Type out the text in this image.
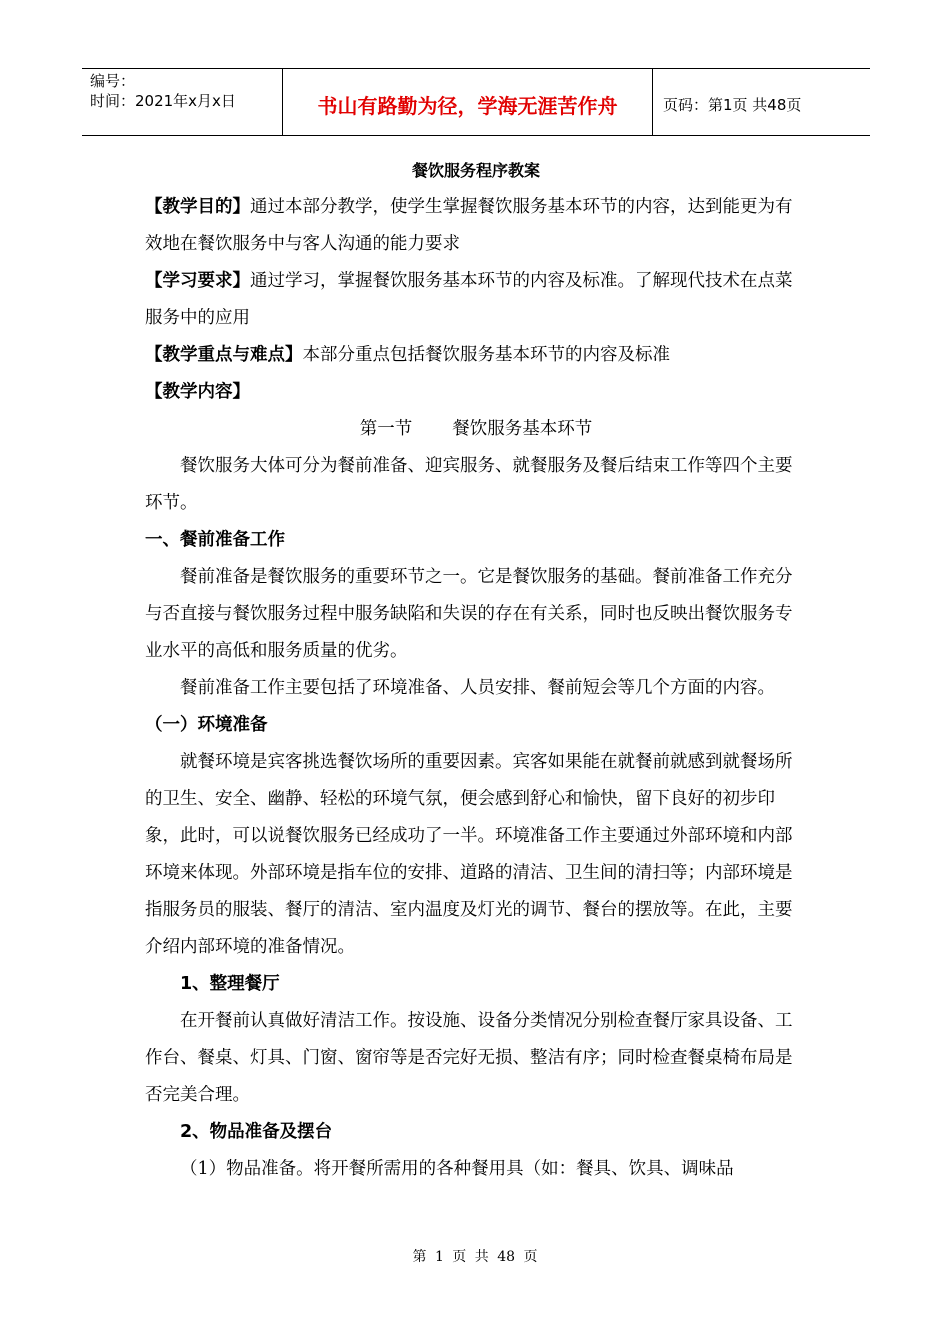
编号：
时间：2021年x月x日	书山有路勤为径，学海无涯苦作舟	页码：第1页 共48页

餐饮服务程序教案

【教学目的】通过本部分教学，使学生掌握餐饮服务基本环节的内容，达到能更为有效地在餐饮服务中与客人沟通的能力要求

【学习要求】通过学习，掌握餐饮服务基本环节的内容及标准。了解现代技术在点菜服务中的应用

【教学重点与难点】本部分重点包括餐饮服务基本环节的内容及标准

【教学内容】

第一节 餐饮服务基本环节

餐饮服务大体可分为餐前准备、迎宾服务、就餐服务及餐后结束工作等四个主要环节。

一、餐前准备工作

餐前准备是餐饮服务的重要环节之一。它是餐饮服务的基础。餐前准备工作充分与否直接与餐饮服务过程中服务缺陷和失误的存在有关系，同时也反映出餐饮服务专业水平的高低和服务质量的优劣。

餐前准备工作主要包括了环境准备、人员安排、餐前短会等几个方面的内容。

（一）环境准备

就餐环境是宾客挑选餐饮场所的重要因素。宾客如果能在就餐前就感到就餐场所的卫生、安全、幽静、轻松的环境气氛，便会感到舒心和愉快，留下良好的初步印象，此时，可以说餐饮服务已经成功了一半。环境准备工作主要通过外部环境和内部环境来体现。外部环境是指车位的安排、道路的清洁、卫生间的清扫等；内部环境是指服务员的服装、餐厅的清洁、室内温度及灯光的调节、餐台的摆放等。在此，主要介绍内部环境的准备情况。

1、整理餐厅

在开餐前认真做好清洁工作。按设施、设备分类情况分别检查餐厅家具设备、工作台、餐桌、灯具、门窗、窗帘等是否完好无损、整洁有序；同时检查餐桌椅布局是否完美合理。

2、物品准备及摆台

（1）物品准备。将开餐所需用的各种餐用具（如：餐具、饮具、调味品

第 1 页 共 48 页
